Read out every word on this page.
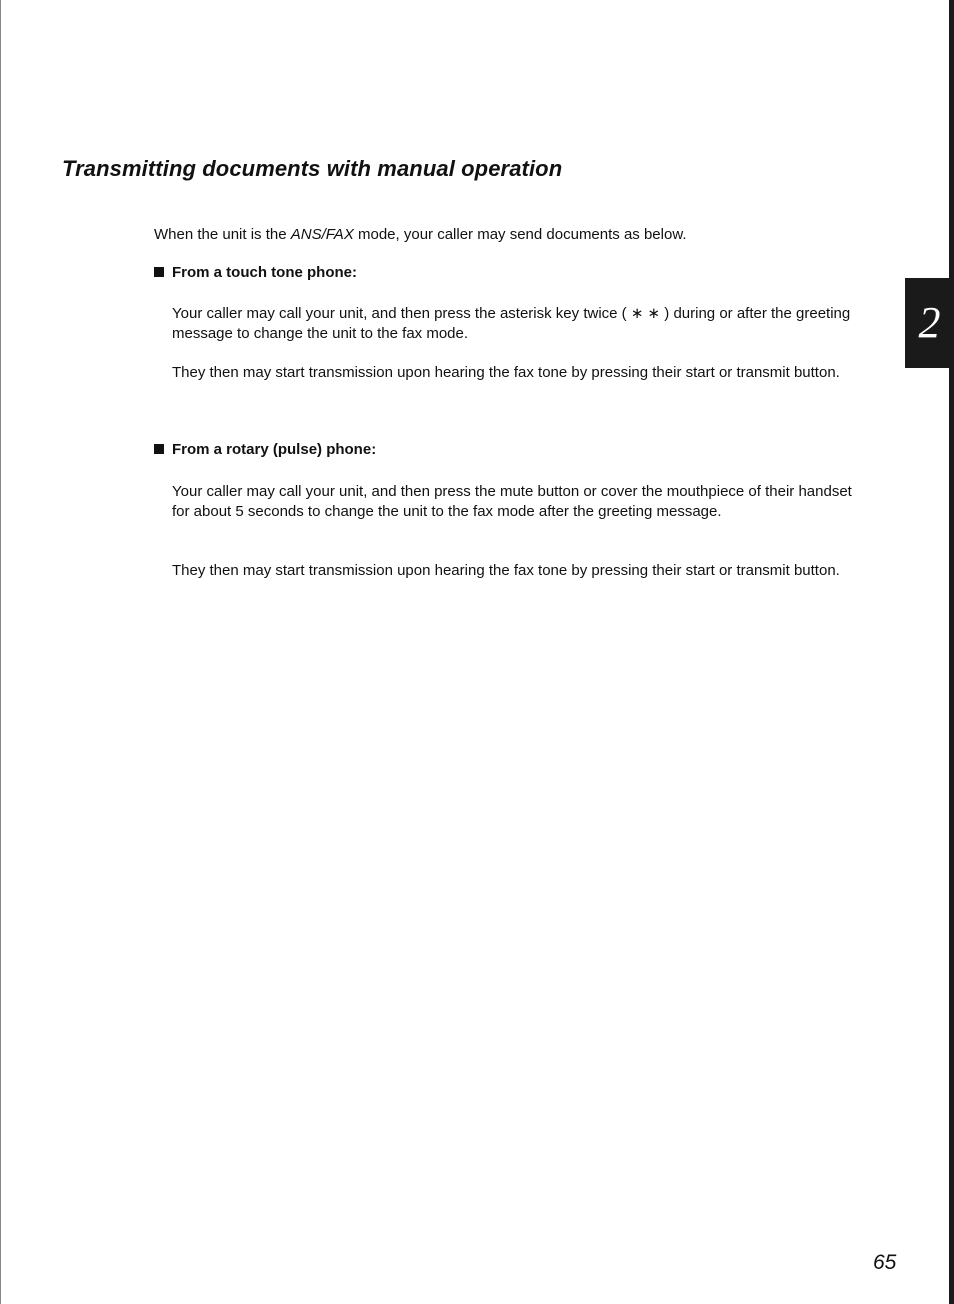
Transmitting documents with manual operation

When the unit is the ANS/FAX mode, your caller may send documents as below.

From a touch tone phone:

Your caller may call your unit, and then press the asterisk key twice ( ∗ ∗ ) during or after the greeting message to change the unit to the fax mode.

They then may start transmission upon hearing the fax tone by pressing their start or transmit button.

From a rotary (pulse) phone:

Your caller may call your unit, and then press the mute button or cover the mouthpiece of their handset for about 5 seconds to change the unit to the fax mode after the greeting message.

They then may start transmission upon hearing the fax tone by pressing their start or transmit button.

2
65
